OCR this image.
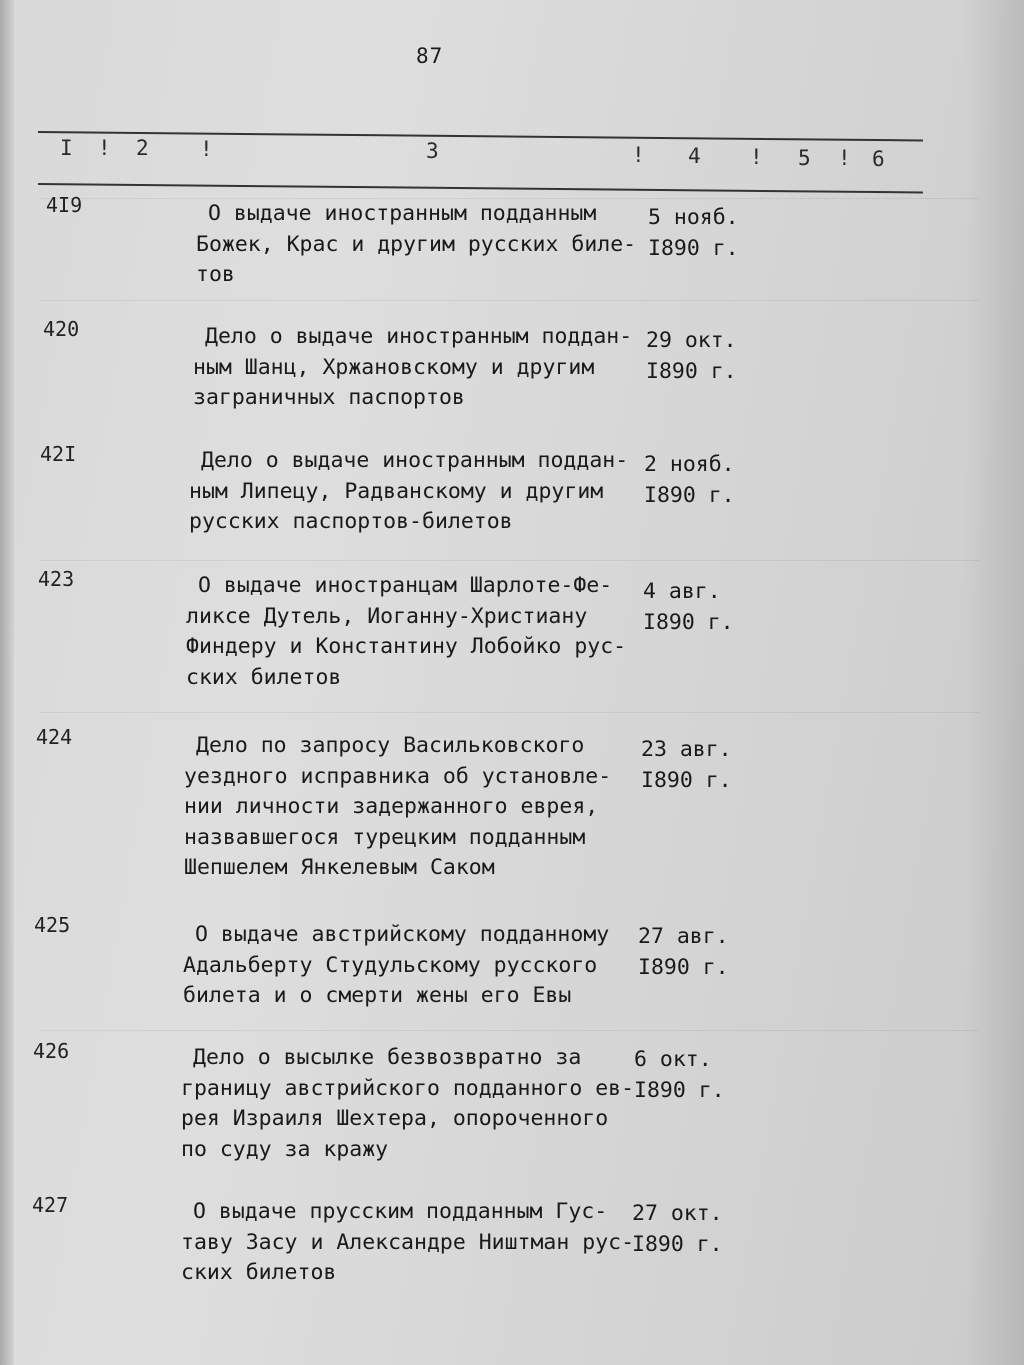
87
I ! 2 !	3	! 4 ! 5 ! 6
4I9	О выдаче иностранным подданным
Божек, Крас и другим русских биле-
тов
5 нояб.
I890 г.
420	Дело о выдаче иностранным поддан-
ным Шанц, Хржановскому и другим
заграничных паспортов
29 окт.
I890 г.
42I	Дело о выдаче иностранным поддан-
ным Липецу, Радванскому и другим
русских паспортов-билетов
2 нояб.
I890 г.
423	О выдаче иностранцам Шарлоте-Фе-
ликсе Дутель, Иоганну-Христиану
Финдеру и Константину Лобойко рус-
ских билетов
4 авг.
I890 г.
424	Дело по запросу Васильковского
уездного исправника об установле-
нии личности задержанного еврея,
назвавшегося турецким подданным
Шепшелем Янкелевым Саком
23 авг.
I890 г.
425	О выдаче австрийскому подданному
Адальберту Студульскому русского
билета и о смерти жены его Евы
27 авг.
I890 г.
426	Дело о высылке безвозвратно за
границу австрийского подданного ев-
рея Израиля Шехтера, опороченного
по суду за кражу
6 окт.
I890 г.
427	О выдаче прусским подданным Гус-
таву Засу и Александре Ништман рус-
ских билетов
27 окт.
I890 г.
